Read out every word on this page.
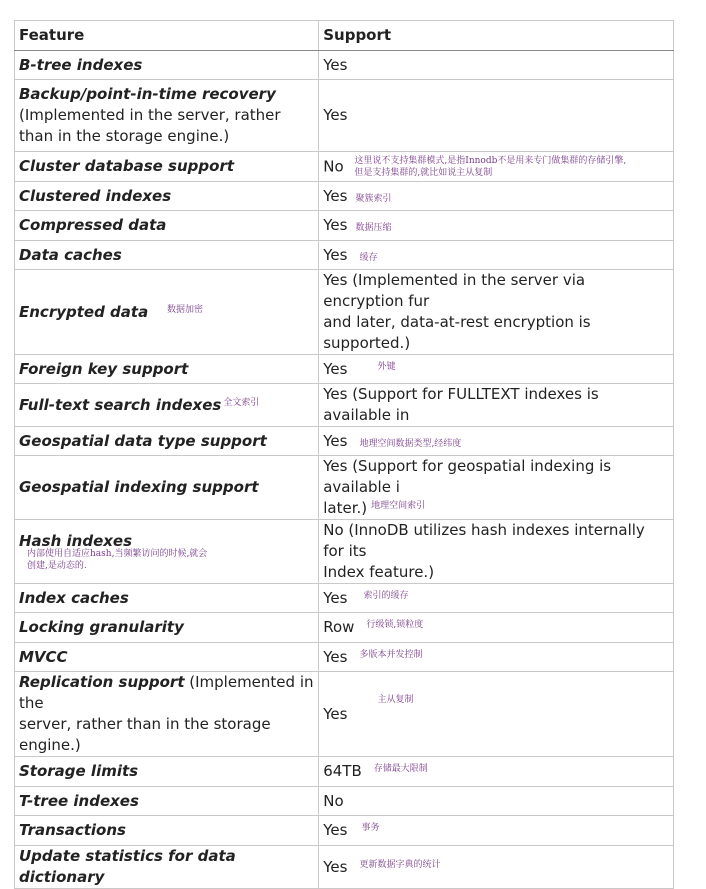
Feature	Support
B-tree indexes	Yes

Backup/point-in-time recovery
(Implemented in the server, rather than in the storage engine.)	Yes
Cluster database support	No 这里说不支持集群模式,是指Innodb不是用来专门做集群的存储引擎,
但是支持集群的,就比如说主从复制

Clustered indexes	Yes 聚簇索引
Compressed data	Yes 数据压缩
Data caches	Yes 缓存
Encrypted data $^{数据加密}$	Yes (Implemented in the server via encryption fur
and later, data-at-rest encryption is supported.)

Foreign key support	Yes $^{外键}$
Full-text search indexes $^{全文索引}$	Yes (Support for FULLTEXT indexes is available in
Geospatial data type support	Yes 地理空间数据类型,经纬度
Geospatial indexing support	Yes (Support for geospatial indexing is available i
later.) $^{地理空间索引}$

Hash indexes
内部使用自适应hash,当频繁访问的时候,就会
创建,是动态的.	No (InnoDB utilizes hash indexes internally for its
Index feature.)

Index caches	Yes $^{索引的缓存}$
Locking granularity	Row $^{行级锁,锁粒度}$
MVCC	Yes $^{多版本并发控制}$
Replication support (Implemented in the
server, rather than in the storage engine.)	Yes$^{主从复制}$
Storage limits	64TB $^{存储最大限制}$
T-tree indexes	No
Transactions	Yes $^{事务}$
Update statistics for data dictionary	Yes $^{更新数据字典的统计}$
